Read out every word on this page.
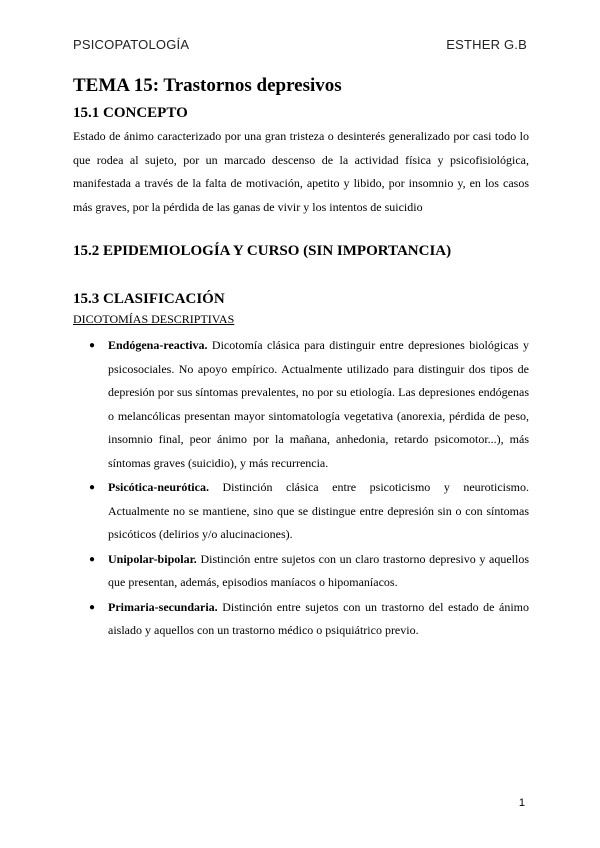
PSICOPATOLOGÍA	ESTHER G.B
TEMA 15: Trastornos depresivos
15.1 CONCEPTO

Estado de ánimo caracterizado por una gran tristeza o desinterés generalizado por casi todo lo que rodea al sujeto, por un marcado descenso de la actividad física y psicofisiológica, manifestada a través de la falta de motivación, apetito y libido, por insomnio y, en los casos más graves, por la pérdida de las ganas de vivir y los intentos de suicidio

15.2 EPIDEMIOLOGÍA Y CURSO (SIN IMPORTANCIA)
15.3 CLASIFICACIÓN
DICOTOMÍAS DESCRIPTIVAS
● Endógena-reactiva. Dicotomía clásica para distinguir entre depresiones biológicas y psicosociales. No apoyo empírico. Actualmente utilizado para distinguir dos tipos de depresión por sus síntomas prevalentes, no por su etiología. Las depresiones endógenas o melancólicas presentan mayor sintomatología vegetativa (anorexia, pérdida de peso, insomnio final, peor ánimo por la mañana, anhedonia, retardo psicomotor...), más síntomas graves (suicidio), y más recurrencia.
● Psicótica-neurótica. Distinción clásica entre psicoticismo y neuroticismo. Actualmente no se mantiene, sino que se distingue entre depresión sin o con síntomas psicóticos (delirios y/o alucinaciones).
● Unipolar-bipolar. Distinción entre sujetos con un claro trastorno depresivo y aquellos que presentan, además, episodios maníacos o hipomaníacos.
● Primaria-secundaria. Distinción entre sujetos con un trastorno del estado de ánimo aislado y aquellos con un trastorno médico o psiquiátrico previo.
1
